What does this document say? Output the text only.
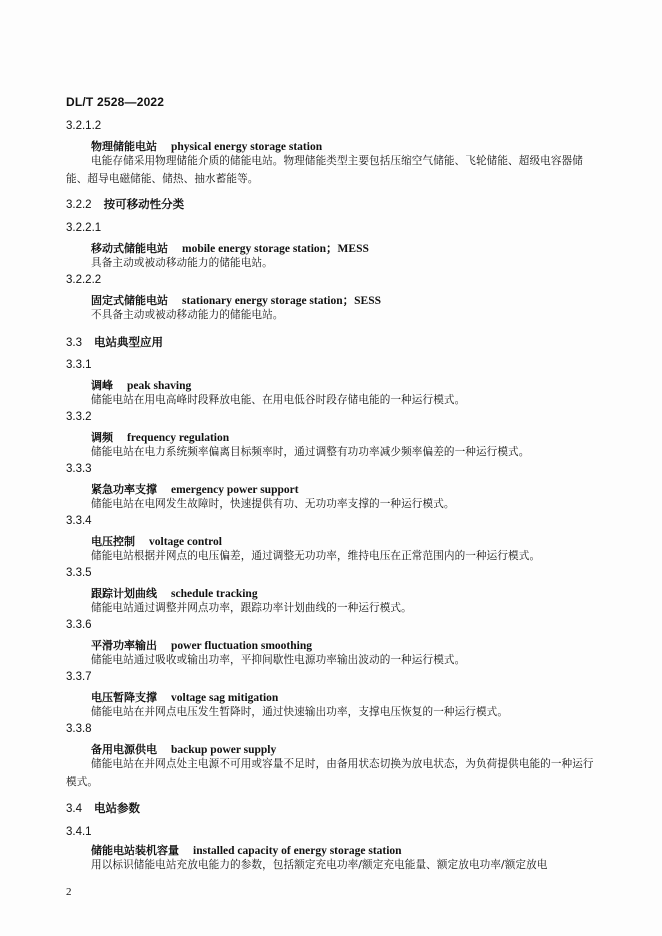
DL/T 2528—2022
3.2.1.2
物理储能电站 physical energy storage station
电能存储采用物理储能介质的储能电站。物理储能类型主要包括压缩空气储能、飞轮储能、超级电容器储能、超导电磁储能、储热、抽水蓄能等。
3.2.2 按可移动性分类
3.2.2.1
移动式储能电站 mobile energy storage station；MESS
具备主动或被动移动能力的储能电站。
3.2.2.2
固定式储能电站 stationary energy storage station；SESS
不具备主动或被动移动能力的储能电站。
3.3 电站典型应用
3.3.1
调峰 peak shaving
储能电站在用电高峰时段释放电能、在用电低谷时段存储电能的一种运行模式。
3.3.2
调频 frequency regulation
储能电站在电力系统频率偏离目标频率时，通过调整有功功率减少频率偏差的一种运行模式。
3.3.3
紧急功率支撑 emergency power support
储能电站在电网发生故障时，快速提供有功、无功功率支撑的一种运行模式。
3.3.4
电压控制 voltage control
储能电站根据并网点的电压偏差，通过调整无功功率，维持电压在正常范围内的一种运行模式。
3.3.5
跟踪计划曲线 schedule tracking
储能电站通过调整并网点功率，跟踪功率计划曲线的一种运行模式。
3.3.6
平滑功率输出 power fluctuation smoothing
储能电站通过吸收或输出功率，平抑间歇性电源功率输出波动的一种运行模式。
3.3.7
电压暂降支撑 voltage sag mitigation
储能电站在并网点电压发生暂降时，通过快速输出功率，支撑电压恢复的一种运行模式。
3.3.8
备用电源供电 backup power supply
储能电站在并网点处主电源不可用或容量不足时，由备用状态切换为放电状态，为负荷提供电能的一种运行模式。
3.4 电站参数
3.4.1
储能电站装机容量 installed capacity of energy storage station
用以标识储能电站充放电能力的参数，包括额定充电功率/额定充电能量、额定放电功率/额定放电
2
